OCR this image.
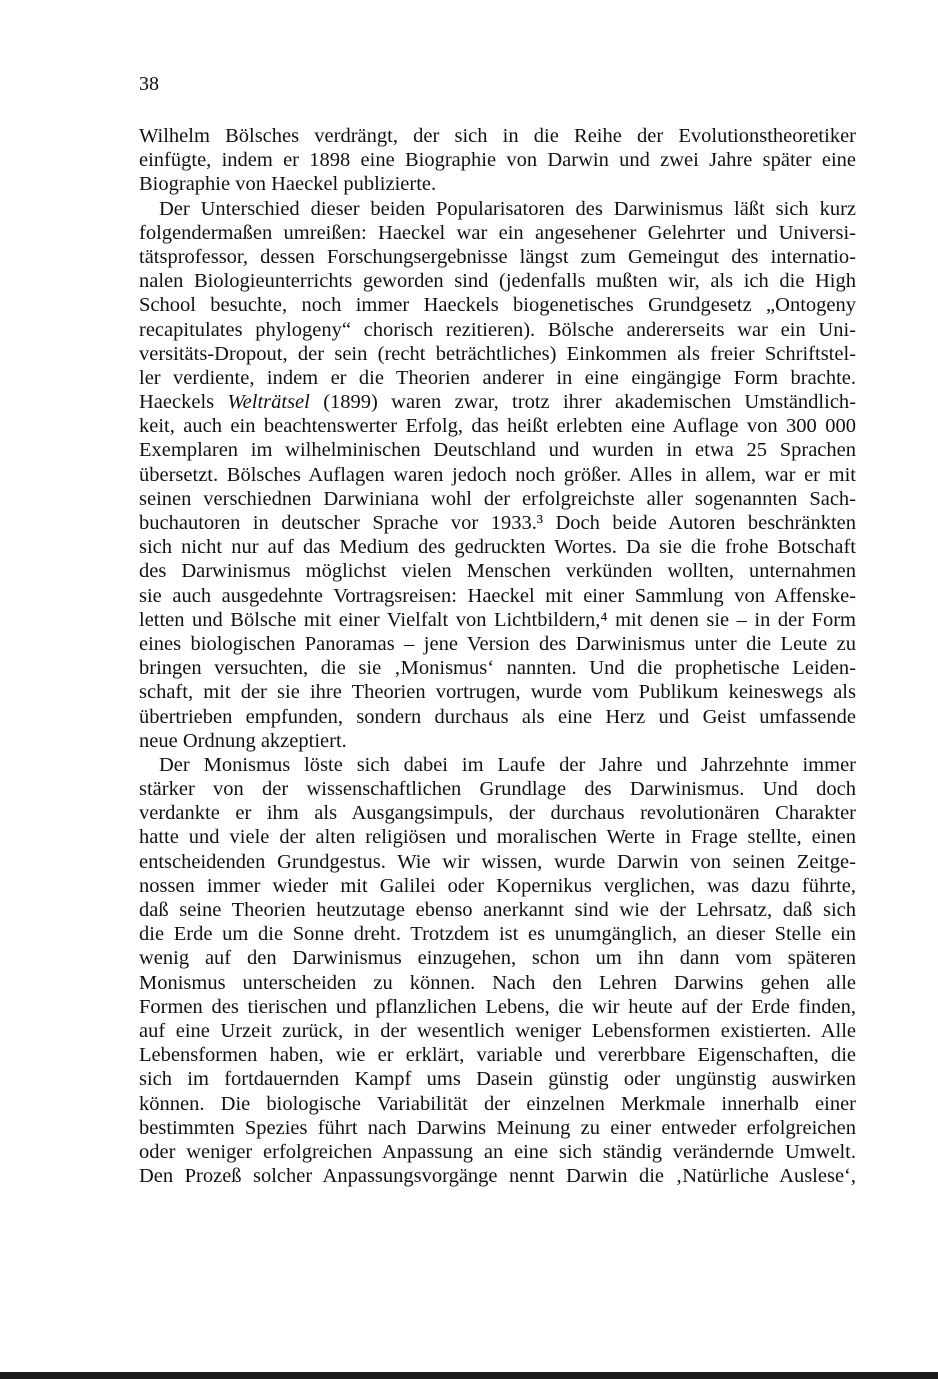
38
Wilhelm Bölsches verdrängt, der sich in die Reihe der Evolutionstheoretiker
einfügte, indem er 1898 eine Biographie von Darwin und zwei Jahre später eine
Biographie von Haeckel publizierte.
Der Unterschied dieser beiden Popularisatoren des Darwinismus läßt sich kurz
folgendermaßen umreißen: Haeckel war ein angesehener Gelehrter und Universi-
tätsprofessor, dessen Forschungsergebnisse längst zum Gemeingut des internatio-
nalen Biologieunterrichts geworden sind (jedenfalls mußten wir, als ich die High
School besuchte, noch immer Haeckels biogenetisches Grundgesetz „Ontogeny
recapitulates phylogeny“ chorisch rezitieren). Bölsche andererseits war ein Uni-
versitäts-Dropout, der sein (recht beträchtliches) Einkommen als freier Schriftstel-
ler verdiente, indem er die Theorien anderer in eine eingängige Form brachte.
Haeckels Welträtsel (1899) waren zwar, trotz ihrer akademischen Umständlich-
keit, auch ein beachtenswerter Erfolg, das heißt erlebten eine Auflage von 300 000
Exemplaren im wilhelminischen Deutschland und wurden in etwa 25 Sprachen
übersetzt. Bölsches Auflagen waren jedoch noch größer. Alles in allem, war er mit
seinen verschiednen Darwiniana wohl der erfolgreichste aller sogenannten Sach-
buchautoren in deutscher Sprache vor 1933.³ Doch beide Autoren beschränkten
sich nicht nur auf das Medium des gedruckten Wortes. Da sie die frohe Botschaft
des Darwinismus möglichst vielen Menschen verkünden wollten, unternahmen
sie auch ausgedehnte Vortragsreisen: Haeckel mit einer Sammlung von Affenske-
letten und Bölsche mit einer Vielfalt von Lichtbildern,⁴ mit denen sie – in der Form
eines biologischen Panoramas – jene Version des Darwinismus unter die Leute zu
bringen versuchten, die sie ‚Monismus‘ nannten. Und die prophetische Leiden-
schaft, mit der sie ihre Theorien vortrugen, wurde vom Publikum keineswegs als
übertrieben empfunden, sondern durchaus als eine Herz und Geist umfassende
neue Ordnung akzeptiert.
Der Monismus löste sich dabei im Laufe der Jahre und Jahrzehnte immer
stärker von der wissenschaftlichen Grundlage des Darwinismus. Und doch
verdankte er ihm als Ausgangsimpuls, der durchaus revolutionären Charakter
hatte und viele der alten religiösen und moralischen Werte in Frage stellte, einen
entscheidenden Grundgestus. Wie wir wissen, wurde Darwin von seinen Zeitge-
nossen immer wieder mit Galilei oder Kopernikus verglichen, was dazu führte,
daß seine Theorien heutzutage ebenso anerkannt sind wie der Lehrsatz, daß sich
die Erde um die Sonne dreht. Trotzdem ist es unumgänglich, an dieser Stelle ein
wenig auf den Darwinismus einzugehen, schon um ihn dann vom späteren
Monismus unterscheiden zu können. Nach den Lehren Darwins gehen alle
Formen des tierischen und pflanzlichen Lebens, die wir heute auf der Erde finden,
auf eine Urzeit zurück, in der wesentlich weniger Lebensformen existierten. Alle
Lebensformen haben, wie er erklärt, variable und vererbbare Eigenschaften, die
sich im fortdauernden Kampf ums Dasein günstig oder ungünstig auswirken
können. Die biologische Variabilität der einzelnen Merkmale innerhalb einer
bestimmten Spezies führt nach Darwins Meinung zu einer entweder erfolgreichen
oder weniger erfolgreichen Anpassung an eine sich ständig verändernde Umwelt.
Den Prozeß solcher Anpassungsvorgänge nennt Darwin die ‚Natürliche Auslese‘,
